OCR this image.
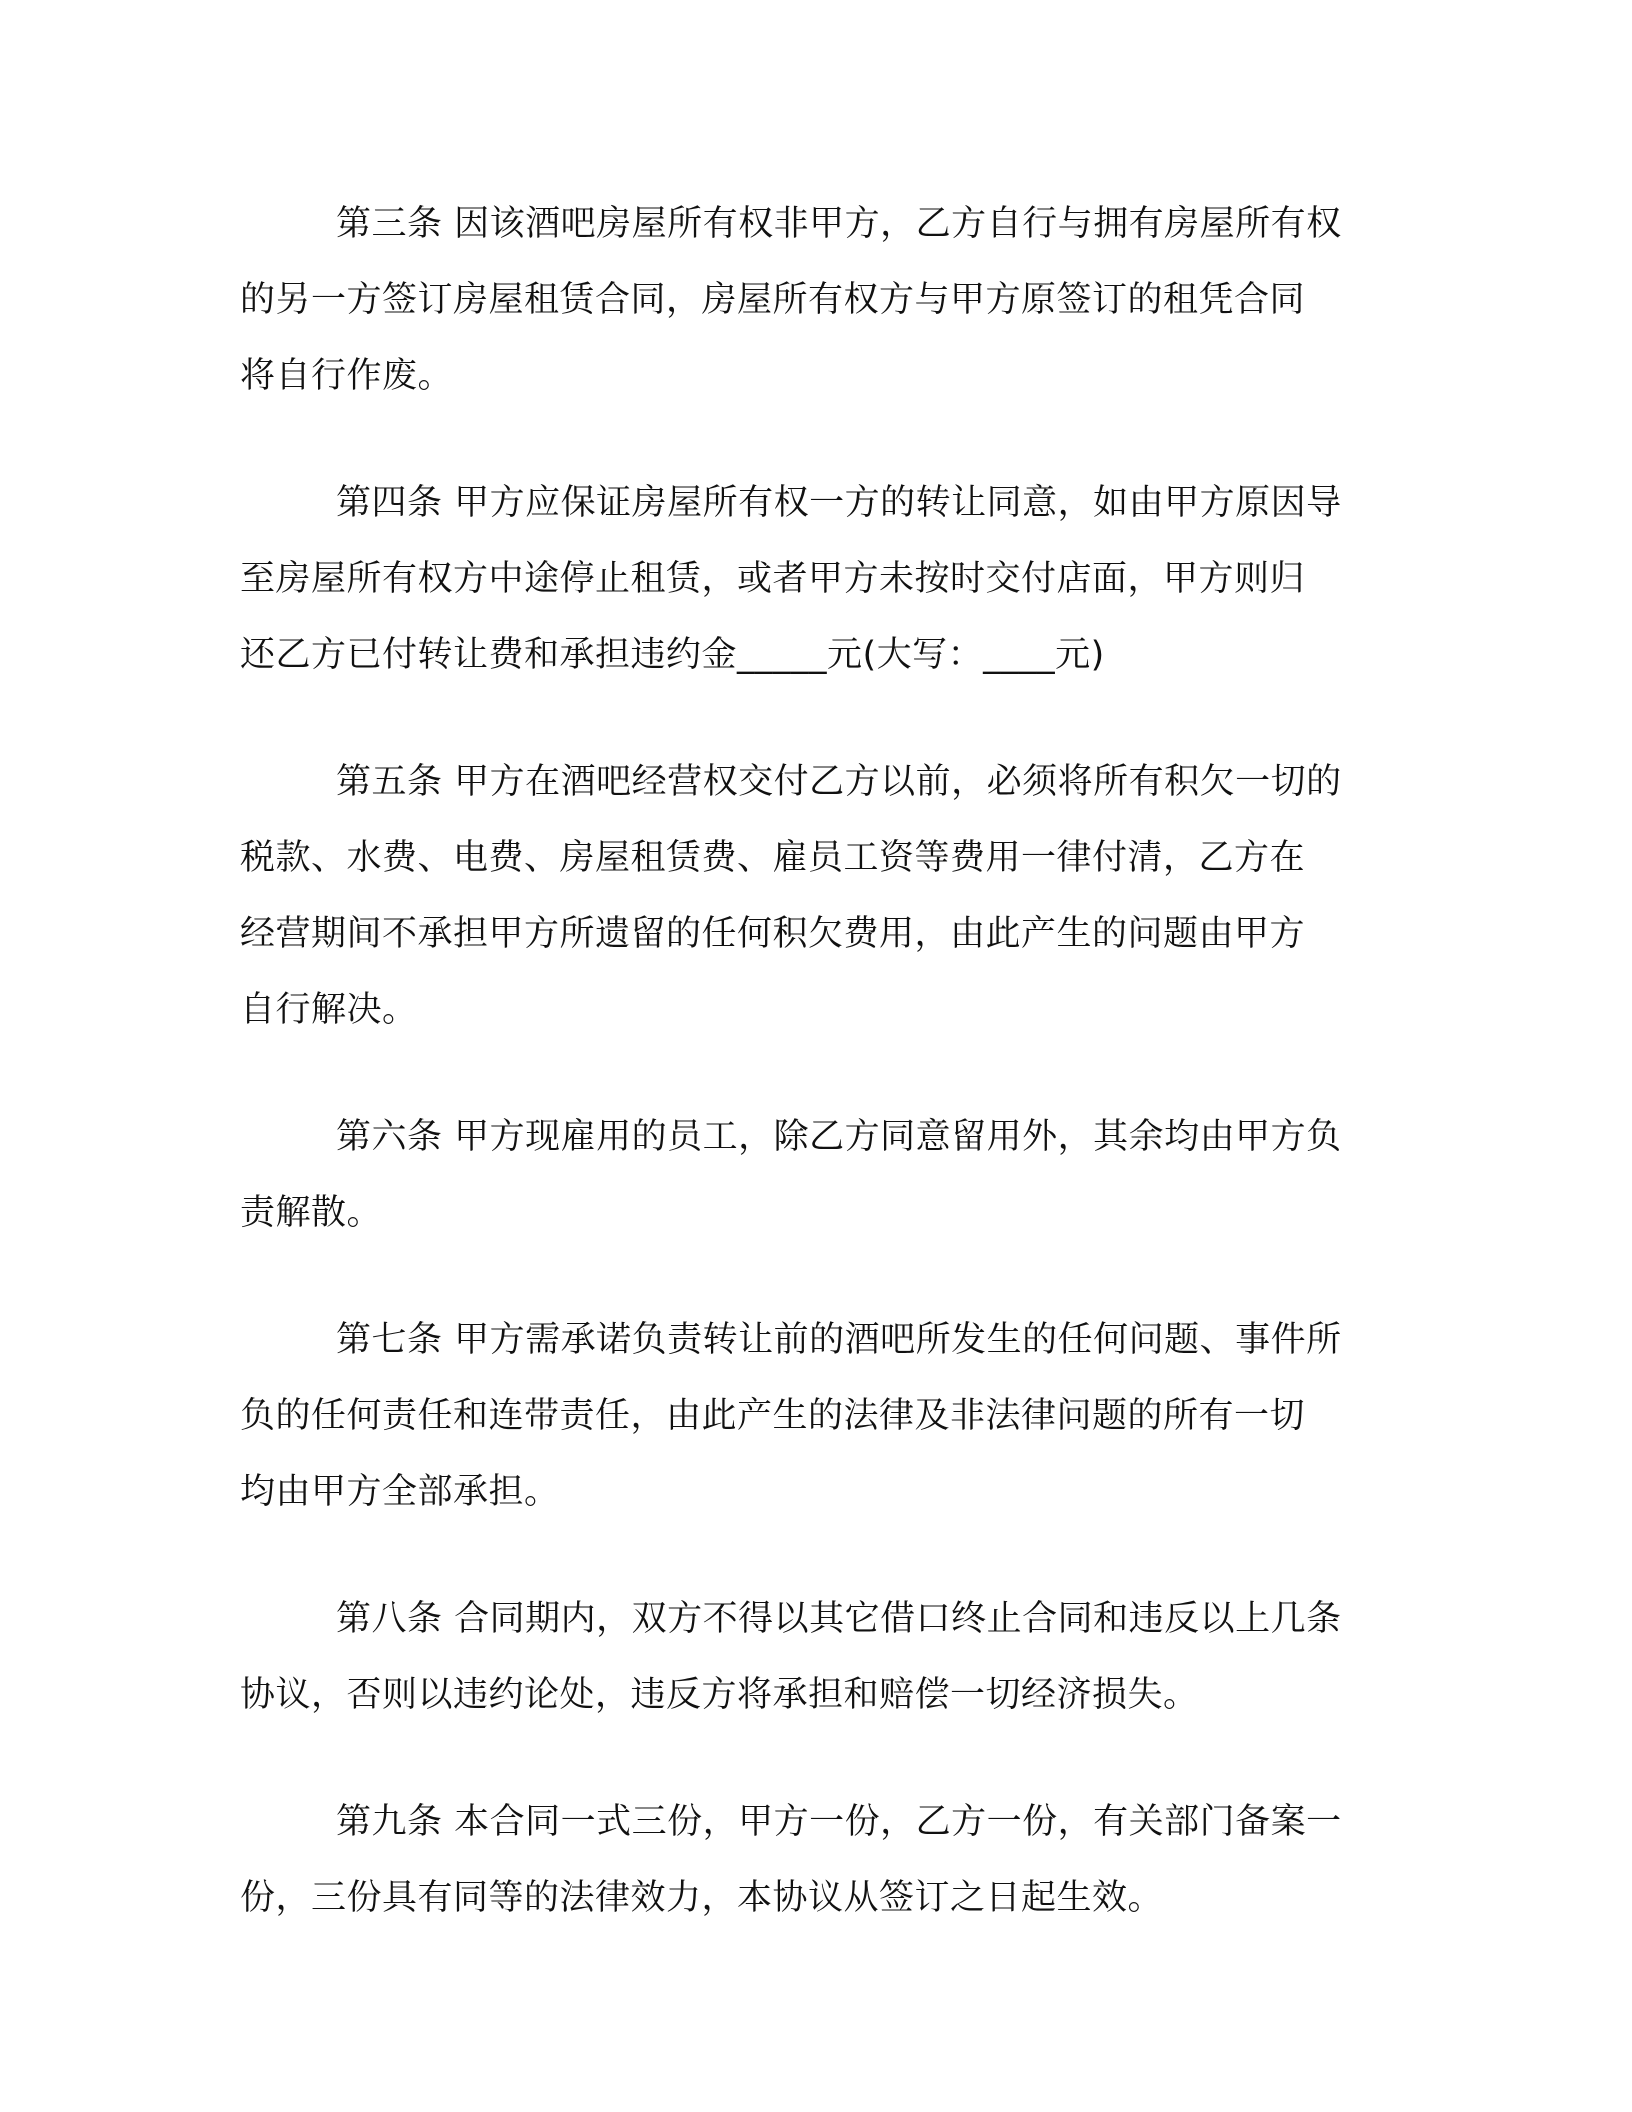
第三条 因该酒吧房屋所有权非甲方，乙方自行与拥有房屋所有权
的另一方签订房屋租赁合同，房屋所有权方与甲方原签订的租凭合同
将自行作废。

第四条 甲方应保证房屋所有权一方的转让同意，如由甲方原因导
至房屋所有权方中途停止租赁，或者甲方未按时交付店面，甲方则归
还乙方已付转让费和承担违约金_____元(大写：____元)

第五条 甲方在酒吧经营权交付乙方以前，必须将所有积欠一切的
税款、水费、电费、房屋租赁费、雇员工资等费用一律付清，乙方在
经营期间不承担甲方所遗留的任何积欠费用，由此产生的问题由甲方
自行解决。

第六条 甲方现雇用的员工，除乙方同意留用外，其余均由甲方负
责解散。

第七条 甲方需承诺负责转让前的酒吧所发生的任何问题、事件所
负的任何责任和连带责任，由此产生的法律及非法律问题的所有一切
均由甲方全部承担。

第八条 合同期内，双方不得以其它借口终止合同和违反以上几条
协议，否则以违约论处，违反方将承担和赔偿一切经济损失。

第九条 本合同一式三份，甲方一份，乙方一份，有关部门备案一
份，三份具有同等的法律效力，本协议从签订之日起生效。
